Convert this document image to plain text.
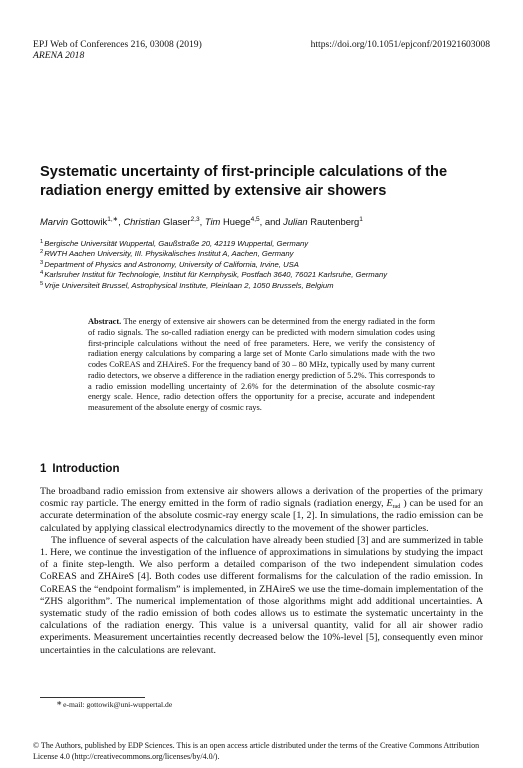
EPJ Web of Conferences 216, 03008 (2019)
ARENA 2018
https://doi.org/10.1051/epjconf/201921603008
Systematic uncertainty of first-principle calculations of the radiation energy emitted by extensive air showers
Marvin Gottowik$^{1,∗}$, Christian Glaser$^{2,3}$, Tim Huege$^{4,5}$, and Julian Rautenberg$^1$
$^1$Bergische Universität Wuppertal, Gaußstraße 20, 42119 Wuppertal, Germany
$^2$RWTH Aachen University, III. Physikalisches Institut A, Aachen, Germany
$^3$Department of Physics and Astronomy, University of California, Irvine, USA
$^4$Karlsruher Institut für Technologie, Institut für Kernphysik, Postfach 3640, 76021 Karlsruhe, Germany
$^5$Vrije Universiteit Brussel, Astrophysical Institute, Pleinlaan 2, 1050 Brussels, Belgium
Abstract. The energy of extensive air showers can be determined from the energy radiated in the form of radio signals. The so-called radiation energy can be predicted with modern simulation codes using first-principle calculations without the need of free parameters. Here, we verify the consistency of radiation energy calculations by comparing a large set of Monte Carlo simulations made with the two codes CoREAS and ZHAireS. For the frequency band of 30 – 80 MHz, typically used by many current radio detectors, we observe a difference in the radiation energy prediction of 5.2%. This corresponds to a radio emission modelling uncertainty of 2.6% for the determination of the absolute cosmic-ray energy scale. Hence, radio detection offers the opportunity for a precise, accurate and independent measurement of the absolute energy of cosmic rays.
1 Introduction

The broadband radio emission from extensive air showers allows a derivation of the properties of the primary cosmic ray particle. The energy emitted in the form of radio signals (radiation energy, $E_{rad}$ ) can be used for an accurate determination of the absolute cosmic-ray energy scale [1, 2]. In simulations, the radio emission can be calculated by applying classical electrodynamics directly to the movement of the shower particles.

The influence of several aspects of the calculation have already been studied [3] and are summerized in table 1. Here, we continue the investigation of the influence of approximations in simulations by studying the impact of a finite step-length. We also perform a detailed comparison of the two independent simulation codes CoREAS and ZHAireS [4]. Both codes use different formalisms for the calculation of the radio emission. In CoREAS the “endpoint formalism” is implemented, in ZHAireS we use the time-domain implementation of the “ZHS algorithm”. The numerical implementation of those algorithms might add additional uncertainties. A systematic study of the radio emission of both codes allows us to estimate the systematic uncertainty in the calculations of the radiation energy. This value is a universal quantity, valid for all air shower radio experiments. Measurement uncertainties recently decreased below the 10%-level [5], consequently even minor uncertainties in the calculations are relevant.

∗e-mail: gottowik@uni-wuppertal.de
© The Authors, published by EDP Sciences. This is an open access article distributed under the terms of the Creative Commons Attribution License 4.0 (http://creativecommons.org/licenses/by/4.0/).
